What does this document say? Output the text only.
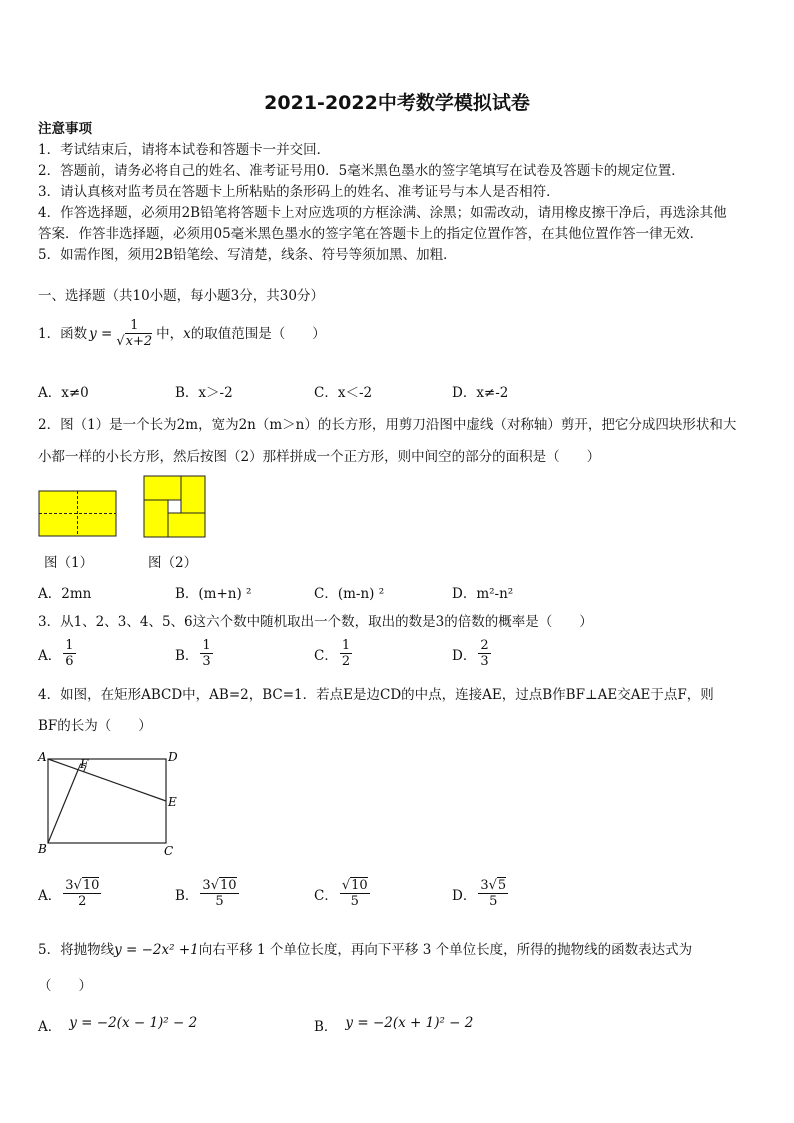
2021-2022中考数学模拟试卷
注意事项
1．考试结束后，请将本试卷和答题卡一并交回．
2．答题前，请务必将自己的姓名、准考证号用0．5毫米黑色墨水的签字笔填写在试卷及答题卡的规定位置．
3．请认真核对监考员在答题卡上所粘贴的条形码上的姓名、准考证号与本人是否相符．
4．作答选择题，必须用2B铅笔将答题卡上对应选项的方框涂满、涂黑；如需改动，请用橡皮擦干净后，再选涂其他
答案．作答非选择题，必须用05毫米黑色墨水的签字笔在答题卡上的指定位置作答，在其他位置作答一律无效．
5．如需作图，须用2B铅笔绘、写清楚，线条、符号等须加黑、加粗．
一、选择题（共10小题，每小题3分，共30分）
1．函数 $y = \frac{1}{√x+2}$ 中， x 的取值范围是（　　）
A．x≠0	B．x＞-2	C．x＜-2	D．x≠-2
2．图（1）是一个长为2m，宽为2n（m＞n）的长方形，用剪刀沿图中虚线（对称轴）剪开，把它分成四块形状和大
小都一样的小长方形，然后按图（2）那样拼成一个正方形，则中间空的部分的面积是（　　）
图（1）	图（2）
A．2mn	B．(m+n) ²	C．(m-n) ²	D．m²-n²
3．从1、2、3、4、5、6这六个数中随机取出一个数，取出的数是3的倍数的概率是（　　）
A． $\frac{1}{6}$	B． $\frac{1}{3}$	C． $\frac{1}{2}$	D． $\frac{2}{3}$
4．如图，在矩形ABCD中，AB=2，BC=1．若点E是边CD的中点，连接AE，过点B作BF⊥AE交AE于点F，则
BF的长为（　　）
A	D
B	C
E
F
A． $\frac{3√10}{2}$	B． $\frac{3√10}{5}$	C． $\frac{√10}{5}$	D． $\frac{3√5}{5}$
5．将抛物线 y = −2x² +1 向右平移 1 个单位长度，再向下平移 3 个单位长度，所得的抛物线的函数表达式为
（　　）
A． y = −2(x − 1)² − 2	B． y = −2(x + 1)² − 2
